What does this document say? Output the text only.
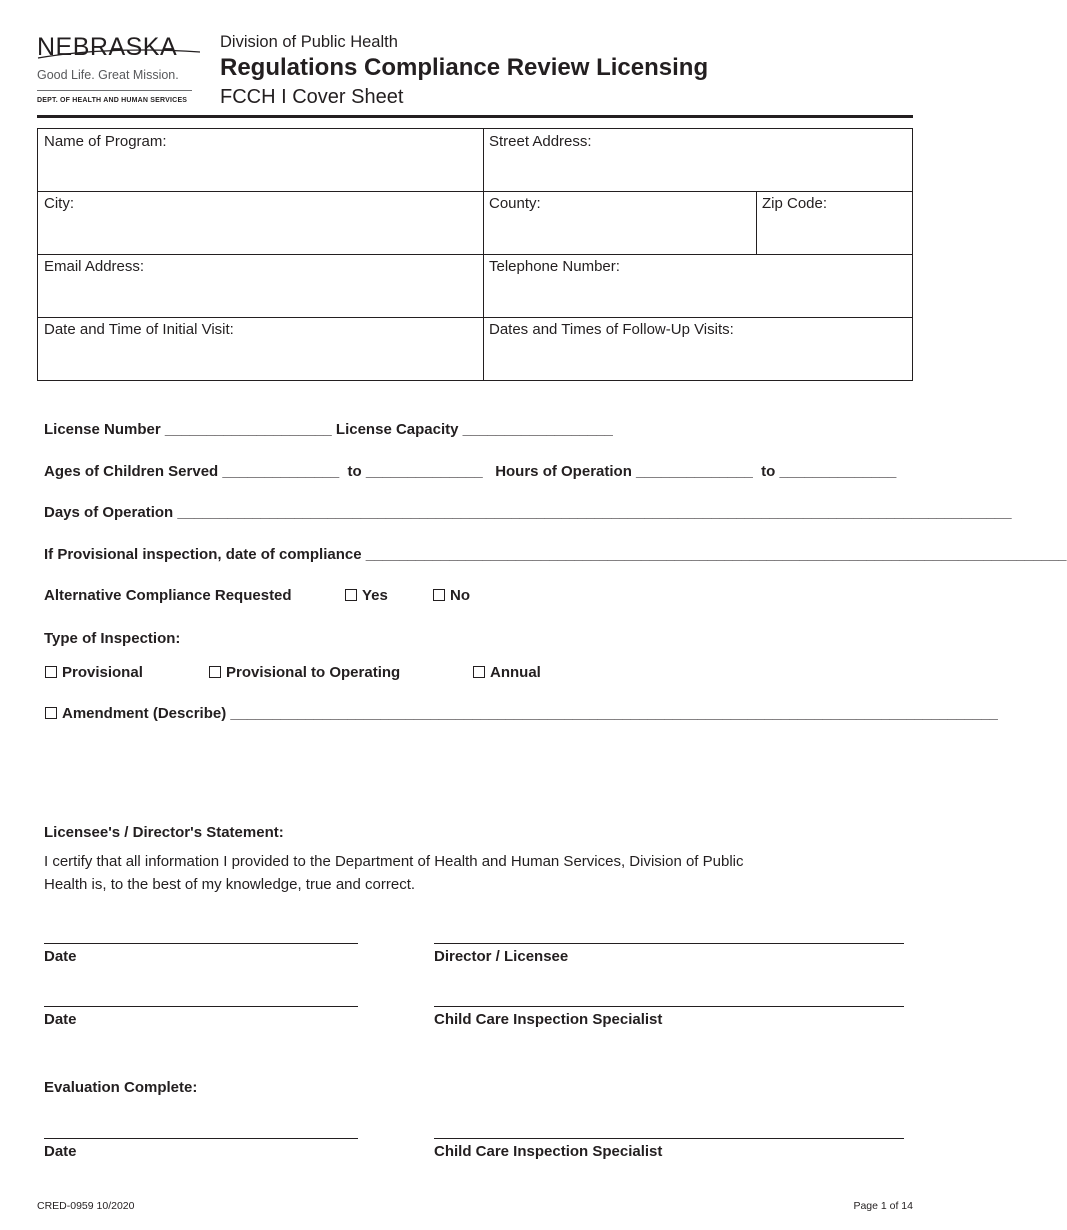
NEBRASKA
Good Life. Great Mission.
DEPT. OF HEALTH AND HUMAN SERVICES
Division of Public Health
Regulations Compliance Review Licensing
FCCH I Cover Sheet
Name of Program:	Street Address:
City:	County:	Zip Code:
Email Address:	Telephone Number:
Date and Time of Initial Visit:	Dates and Times of Follow-Up Visits:
License Number ____________________ License Capacity __________________
Ages of Children Served ______________ to ______________ Hours of Operation ______________ to ______________
Days of Operation ____________________________________________________________________________________________________
If Provisional inspection, date of compliance ____________________________________________________________________________________
Alternative Compliance Requested	Yes	No
Type of Inspection:
Provisional	Provisional to Operating	Annual
Amendment (Describe) ____________________________________________________________________________________________
Licensee's / Director's Statement:
I certify that all information I provided to the Department of Health and Human Services, Division of Public Health is, to the best of my knowledge, true and correct.
Date	Director / Licensee
Date	Child Care Inspection Specialist
Evaluation Complete:
Date	Child Care Inspection Specialist
CRED-0959 10/2020	Page 1 of 14
